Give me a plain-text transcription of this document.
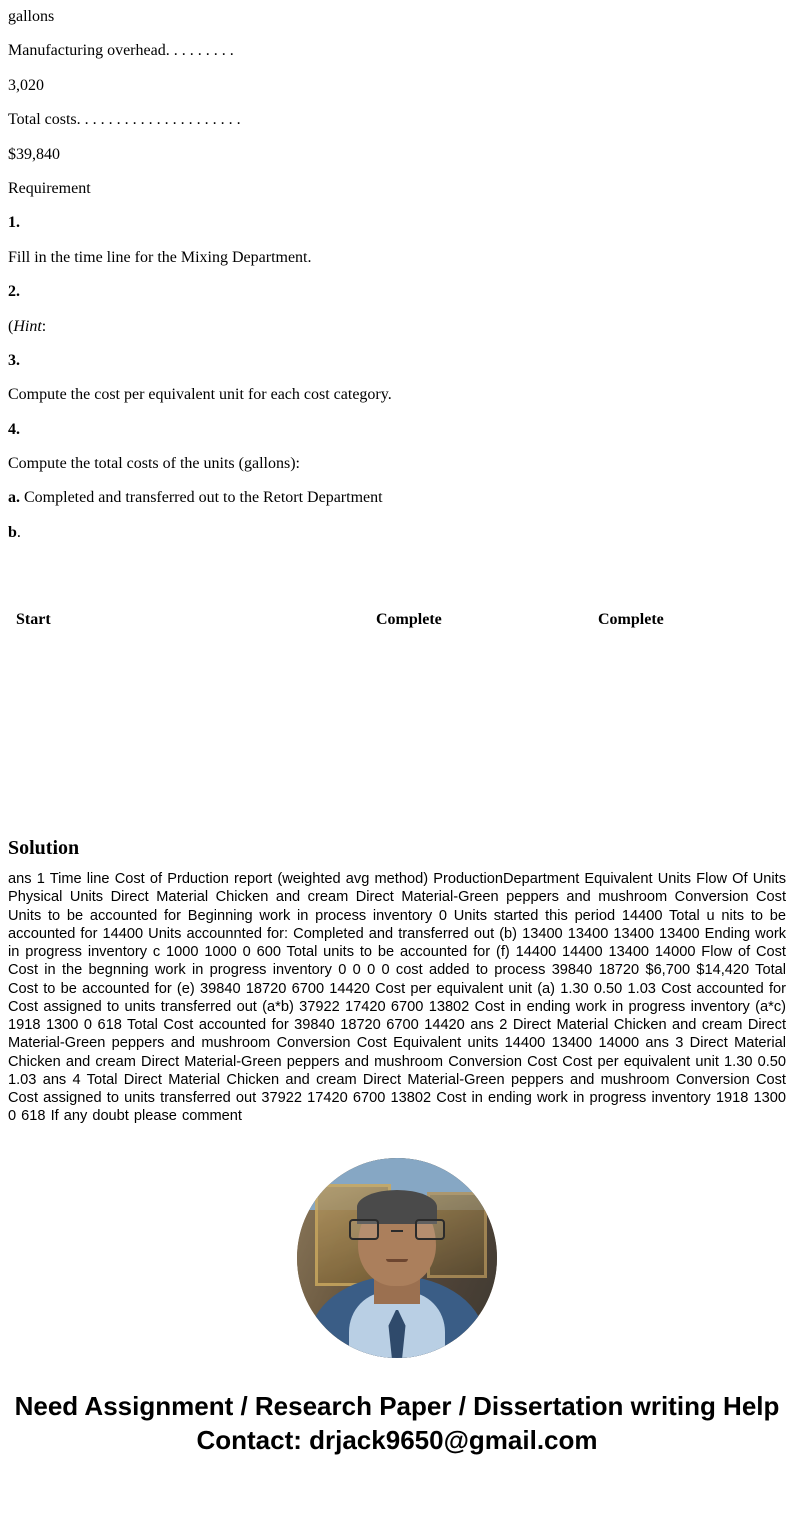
gallons

Manufacturing overhead. . . . . . . . .

3,020

Total costs. . . . . . . . . . . . . . . . . . . . .

$39,840

Requirement

1.

Fill in the time line for the Mixing Department.

2.

(Hint:

3.

Compute the cost per equivalent unit for each cost category.

4.

Compute the total costs of the units (gallons):

a. Completed and transferred out to the Retort Department

b.

Start	Complete	Complete
Solution
ans 1 Time line Cost of Prduction report (weighted avg method) ProductionDepartment Equivalent Units Flow Of Units Physical Units Direct Material Chicken and cream Direct Material-Green peppers and mushroom Conversion Cost Units to be accounted for Beginning work in process inventory 0 Units started this period 14400 Total u nits to be accounted for 14400 Units accounnted for: Completed and transferred out (b) 13400 13400 13400 13400 Ending work in progress inventory c 1000 1000 0 600 Total units to be accounted for (f) 14400 14400 13400 14000 Flow of Cost Cost in the begnning work in progress inventory 0 0 0 0 cost added to process 39840 18720 $6,700 $14,420 Total Cost to be accounted for (e) 39840 18720 6700 14420 Cost per equivalent unit (a) 1.30 0.50 1.03 Cost accounted for Cost assigned to units transferred out (a*b) 37922 17420 6700 13802 Cost in ending work in progress inventory (a*c) 1918 1300 0 618 Total Cost accounted for 39840 18720 6700 14420 ans 2 Direct Material Chicken and cream Direct Material-Green peppers and mushroom Conversion Cost Equivalent units 14400 13400 14000 ans 3 Direct Material Chicken and cream Direct Material-Green peppers and mushroom Conversion Cost Cost per equivalent unit 1.30 0.50 1.03 ans 4 Total Direct Material Chicken and cream Direct Material-Green peppers and mushroom Conversion Cost Cost assigned to units transferred out 37922 17420 6700 13802 Cost in ending work in progress inventory 1918 1300 0 618 If any doubt please comment
Need Assignment / Research Paper / Dissertation writing Help
Contact: drjack9650@gmail.com
